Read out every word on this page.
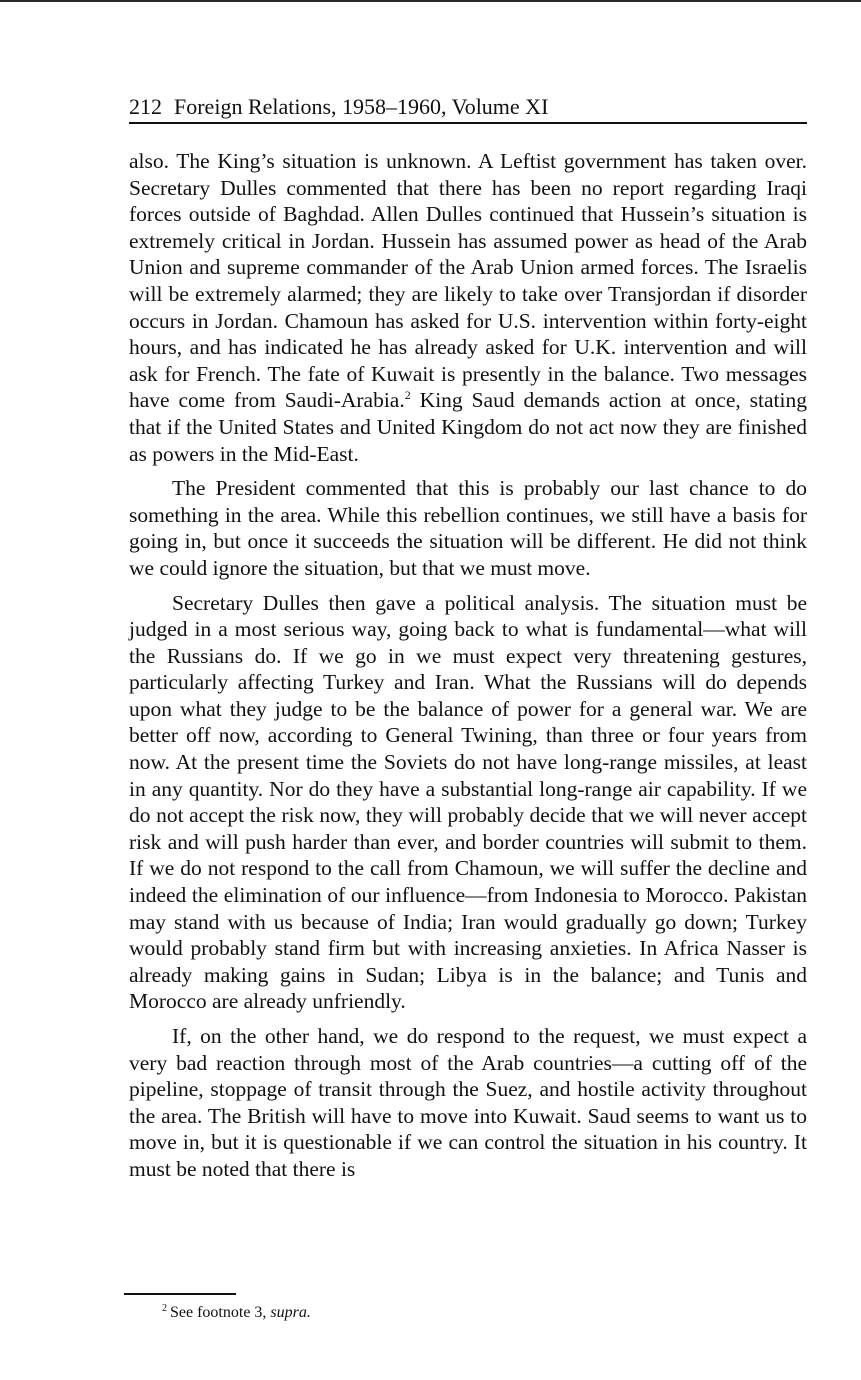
212 Foreign Relations, 1958–1960, Volume XI

also. The King’s situation is unknown. A Leftist government has taken over. Secretary Dulles commented that there has been no report regarding Iraqi forces outside of Baghdad. Allen Dulles continued that Hussein’s situation is extremely critical in Jordan. Hussein has assumed power as head of the Arab Union and supreme commander of the Arab Union armed forces. The Israelis will be extremely alarmed; they are likely to take over Transjordan if disorder occurs in Jordan. Chamoun has asked for U.S. intervention within forty-eight hours, and has indicated he has already asked for U.K. intervention and will ask for French. The fate of Kuwait is presently in the balance. Two messages have come from Saudi-Arabia.$^2$ King Saud demands action at once, stating that if the United States and United Kingdom do not act now they are finished as powers in the Mid-East.

The President commented that this is probably our last chance to do something in the area. While this rebellion continues, we still have a basis for going in, but once it succeeds the situation will be different. He did not think we could ignore the situation, but that we must move.

Secretary Dulles then gave a political analysis. The situation must be judged in a most serious way, going back to what is fundamental—what will the Russians do. If we go in we must expect very threatening gestures, particularly affecting Turkey and Iran. What the Russians will do depends upon what they judge to be the balance of power for a general war. We are better off now, according to General Twining, than three or four years from now. At the present time the Soviets do not have long-range missiles, at least in any quantity. Nor do they have a substantial long-range air capability. If we do not accept the risk now, they will probably decide that we will never accept risk and will push harder than ever, and border countries will submit to them. If we do not respond to the call from Chamoun, we will suffer the decline and indeed the elimination of our influence—from Indonesia to Morocco. Pakistan may stand with us because of India; Iran would gradually go down; Turkey would probably stand firm but with increasing anxieties. In Africa Nasser is already making gains in Sudan; Libya is in the balance; and Tunis and Morocco are already unfriendly.

If, on the other hand, we do respond to the request, we must expect a very bad reaction through most of the Arab countries—a cutting off of the pipeline, stoppage of transit through the Suez, and hostile activity throughout the area. The British will have to move into Kuwait. Saud seems to want us to move in, but it is questionable if we can control the situation in his country. It must be noted that there is

$^2$ See footnote 3, supra.
